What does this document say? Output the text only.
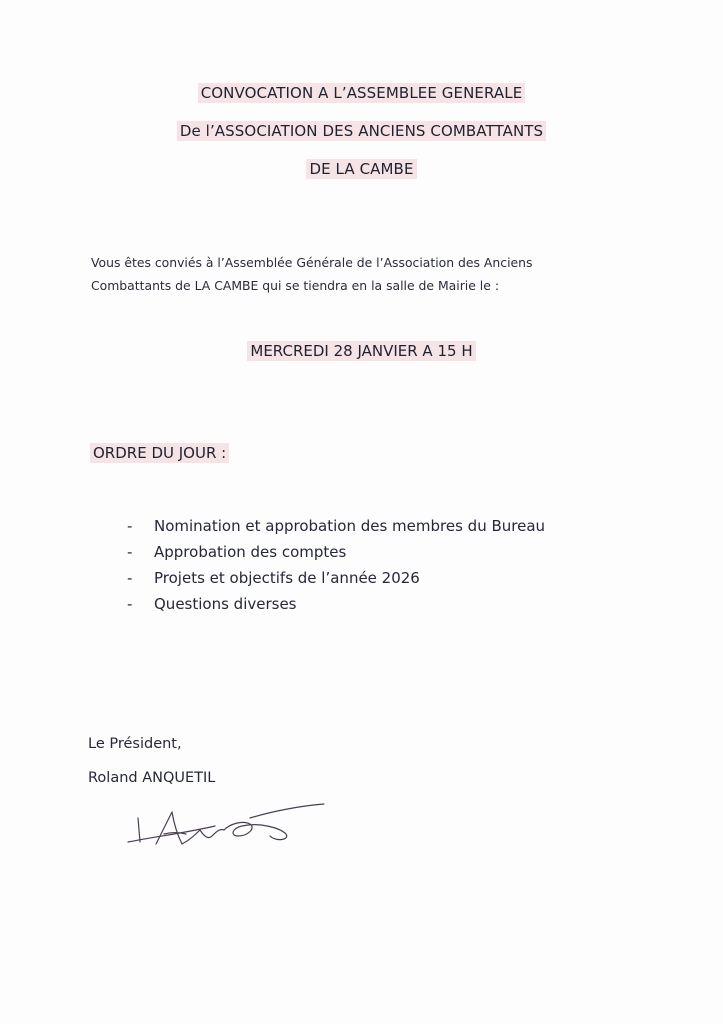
CONVOCATION A L’ASSEMBLEE GENERALE
De l’ASSOCIATION DES ANCIENS COMBATTANTS
DE LA CAMBE
Vous êtes conviés à l’Assemblée Générale de l’Association des Anciens Combattants de LA CAMBE qui se tiendra en la salle de Mairie le :
MERCREDI 28 JANVIER A 15 H
ORDRE DU JOUR :
-	Nomination et approbation des membres du Bureau
-	Approbation des comptes
-	Projets et objectifs de l’année 2026
-	Questions diverses
Le Président,
Roland ANQUETIL
